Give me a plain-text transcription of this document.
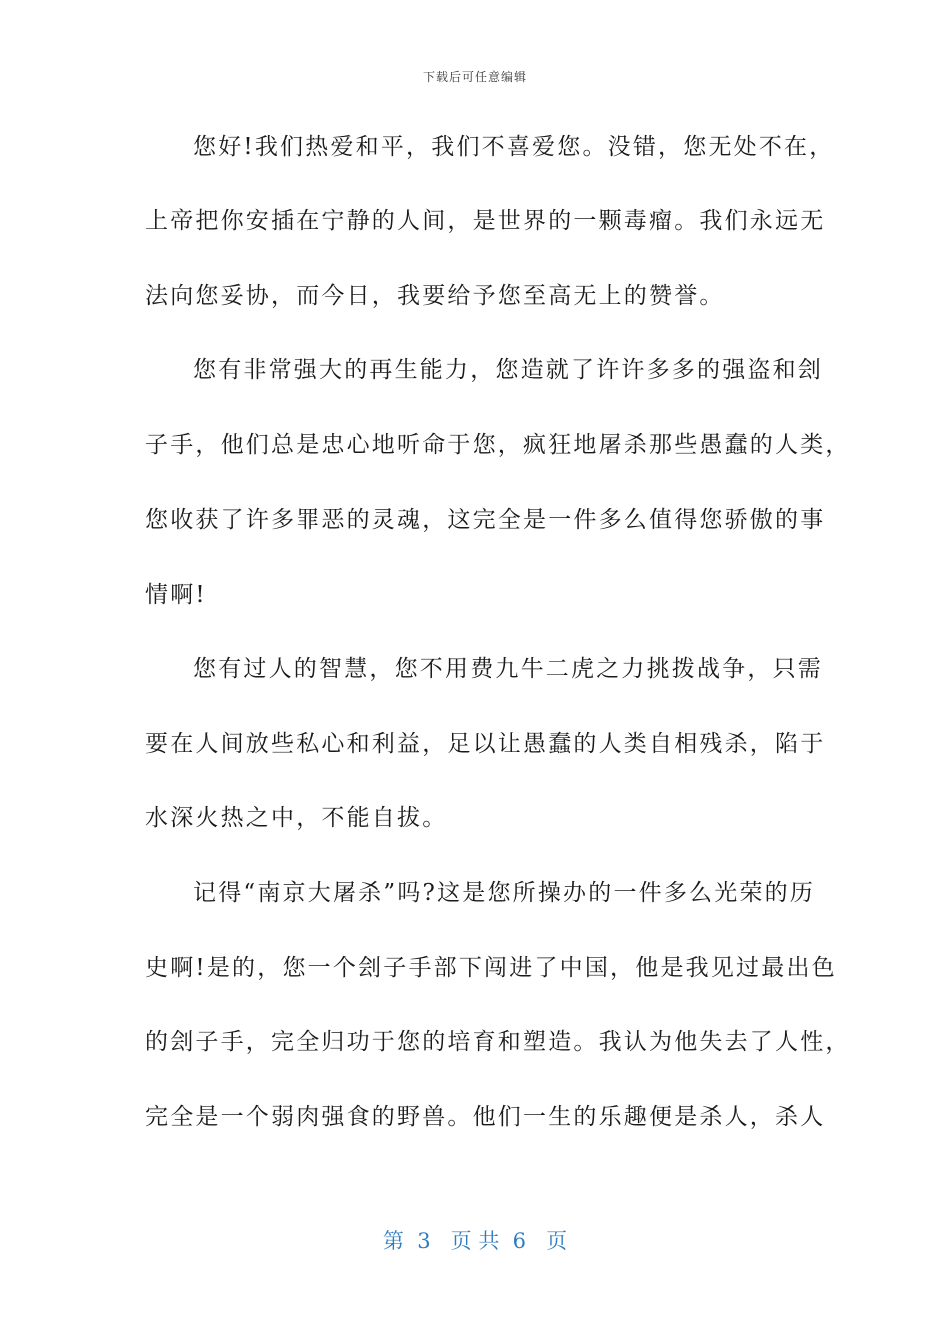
下载后可任意编辑
您好!我们热爱和平，我们不喜爱您。没错，您无处不在，
上帝把你安插在宁静的人间，是世界的一颗毒瘤。我们永远无
法向您妥协，而今日，我要给予您至高无上的赞誉。
您有非常强大的再生能力，您造就了许许多多的强盗和刽
子手，他们总是忠心地听命于您，疯狂地屠杀那些愚蠢的人类，
您收获了许多罪恶的灵魂，这完全是一件多么值得您骄傲的事
情啊!
您有过人的智慧，您不用费九牛二虎之力挑拨战争，只需
要在人间放些私心和利益，足以让愚蠢的人类自相残杀，陷于
水深火热之中，不能自拔。
记得“南京大屠杀”吗?这是您所操办的一件多么光荣的历
史啊!是的，您一个刽子手部下闯进了中国，他是我见过最出色
的刽子手，完全归功于您的培育和塑造。我认为他失去了人性，
完全是一个弱肉强食的野兽。他们一生的乐趣便是杀人，杀人
第  3   页 共  6   页
